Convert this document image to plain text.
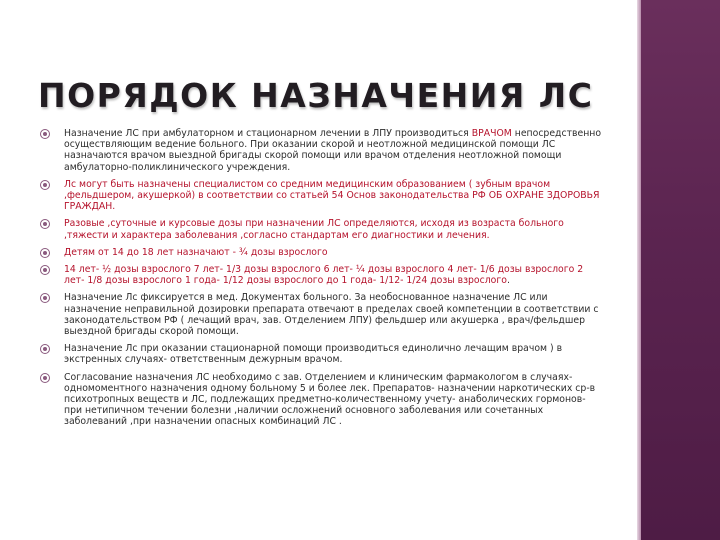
ПОРЯДОК НАЗНАЧЕНИЯ ЛС
Назначение ЛС при амбулаторном и стационарном лечении в ЛПУ производиться ВРАЧОМ непосредственно осуществляющим ведение больного. При оказании скорой и неотложной медицинской помощи ЛС назначаются врачом выездной бригады скорой помощи или врачом отделения неотложной помощи амбулаторно-поликлинического учреждения.
Лс могут быть назначены специалистом со средним медицинским образованием ( зубным врачом ,фельдшером, акушеркой) в соответствии со статьей 54 Основ законодательства РФ ОБ ОХРАНЕ ЗДОРОВЬЯ ГРАЖДАН.
Разовые ,суточные и курсовые дозы при назначении ЛС определяются, исходя из возраста больного ,тяжести и характера заболевания ,согласно стандартам его диагностики и лечения.
Детям от 14 до 18 лет назначают - ¾ дозы взрослого
14 лет- ½ дозы взрослого 7 лет- 1/3 дозы взрослого 6 лет- ¼ дозы взрослого 4 лет- 1/6 дозы взрослого 2 лет- 1/8 дозы взрослого 1 года- 1/12 дозы взрослого до 1 года- 1/12- 1/24 дозы взрослого.
Назначение Лс фиксируется в мед. Документах больного. За необоснованное назначение ЛС или назначение неправильной дозировки препарата отвечают в пределах своей компетенции в соответствии с законодательством РФ ( лечащий врач, зав. Отделением ЛПУ) фельдшер или акушерка , врач/фельдшер выездной бригады скорой помощи.
Назначение Лс при оказании стационарной помощи производиться единолично лечащим врачом ) в экстренных случаях- ответственным дежурным врачом.
Согласование назначения ЛС необходимо с зав. Отделением и клиническим фармакологом в случаях- одномоментного назначения одному больному 5 и более лек. Препаратов- назначении наркотических ср-в психотропных веществ и ЛС, подлежащих предметно-количественному учету- анаболических гормонов- при нетипичном течении болезни ,наличии осложнений основного заболевания или сочетанных заболеваний ,при назначении опасных комбинаций ЛС .
